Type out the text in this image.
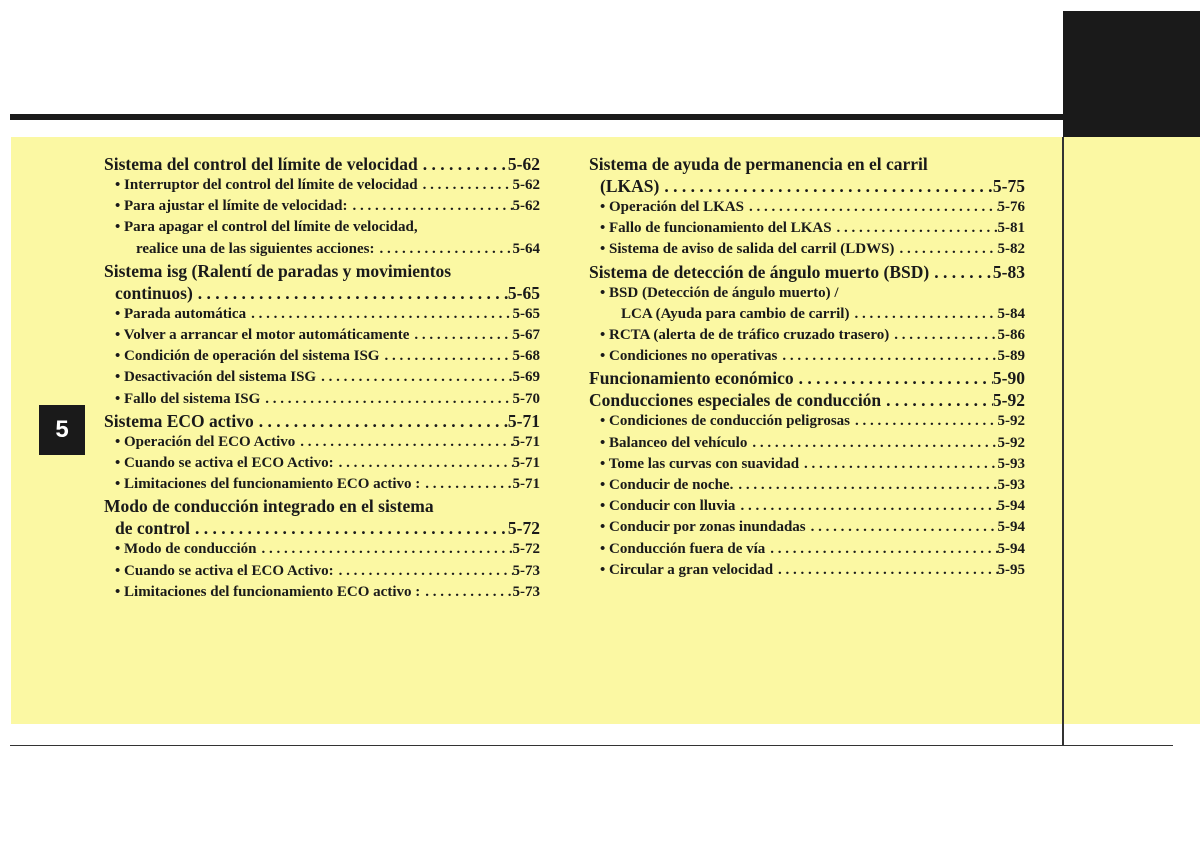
5
Sistema del control del límite de velocidad . . .	5-62
• Interruptor del control del límite de velocidad . . .	5-62
• Para ajustar el límite de velocidad: . . .	5-62
• Para apagar el control del límite de velocidad,
realice una de las siguientes acciones: . . .	5-64
Sistema isg (Ralentí de paradas y movimientos
continuos) . . .	5-65
• Parada automática . . .	5-65
• Volver a arrancar el motor automáticamente . . .	5-67
• Condición de operación del sistema ISG . . .	5-68
• Desactivación del sistema ISG . . .	5-69
• Fallo del sistema ISG . . .	5-70
Sistema ECO activo . . .	5-71
• Operación del ECO Activo . . .	5-71
• Cuando se activa el ECO Activo: . . .	5-71
• Limitaciones del funcionamiento ECO activo : . . .	5-71
Modo de conducción integrado en el sistema
de control . . .	5-72
• Modo de conducción . . .	5-72
• Cuando se activa el ECO Activo: . . .	5-73
• Limitaciones del funcionamiento ECO activo : . . .	5-73
Sistema de ayuda de permanencia en el carril
(LKAS) . . .	5-75
• Operación del LKAS . . .	5-76
• Fallo de funcionamiento del LKAS . . .	5-81
• Sistema de aviso de salida del carril (LDWS) . . .	5-82
Sistema de detección de ángulo muerto (BSD) . . .	5-83
• BSD (Detección de ángulo muerto) /
LCA (Ayuda para cambio de carril) . . .	5-84
• RCTA (alerta de de tráfico cruzado trasero) . . .	5-86
• Condiciones no operativas . . .	5-89
Funcionamiento económico . . .	5-90
Conducciones especiales de conducción . . .	5-92
• Condiciones de conducción peligrosas . . .	5-92
• Balanceo del vehículo . . .	5-92
• Tome las curvas con suavidad . . .	5-93
• Conducir de noche. . . .	5-93
• Conducir con lluvia . . .	5-94
• Conducir por zonas inundadas . . .	5-94
• Conducción fuera de vía . . .	5-94
• Circular a gran velocidad . . .	5-95
